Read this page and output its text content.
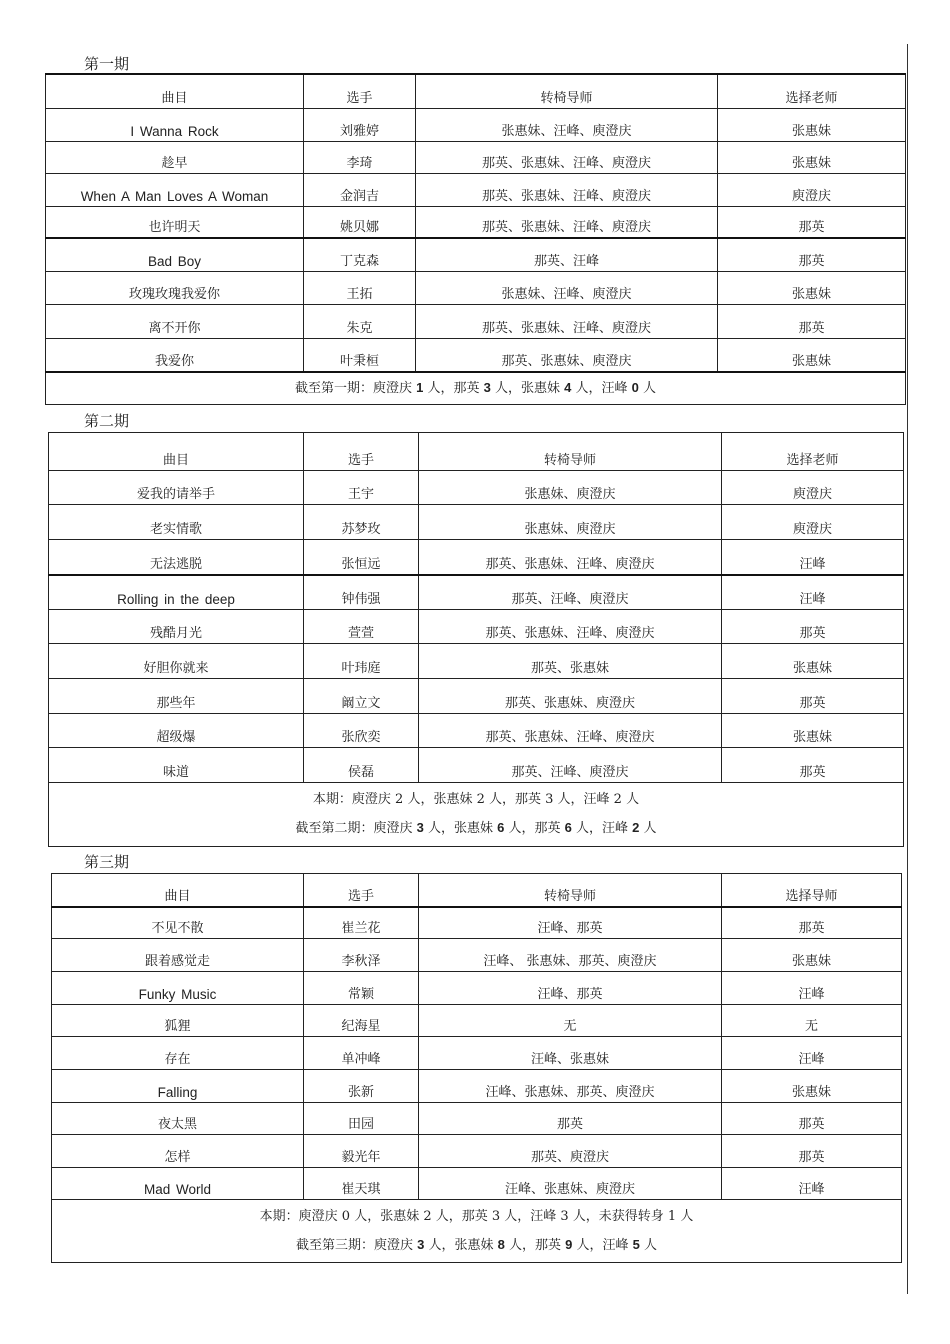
第一期
曲目	选手	转椅导师	选择老师
I Wanna Rock	刘雅婷	张惠妹、汪峰、庾澄庆	张惠妹
趁早	李琦	那英、张惠妹、汪峰、庾澄庆	张惠妹
When A Man Loves A Woman	金润吉	那英、张惠妹、汪峰、庾澄庆	庾澄庆
也许明天	姚贝娜	那英、张惠妹、汪峰、庾澄庆	那英
Bad Boy	丁克森	那英、汪峰	那英
玫瑰玫瑰我爱你	王拓	张惠妹、汪峰、庾澄庆	张惠妹
离不开你	朱克	那英、张惠妹、汪峰、庾澄庆	那英
我爱你	叶秉桓	那英、张惠妹、庾澄庆	张惠妹

截至第一期：庾澄庆 1 人，那英 3 人，张惠妹 4 人，汪峰 0 人			
第二期
曲目	选手	转椅导师	选择老师
爱我的请举手	王宇	张惠妹、庾澄庆	庾澄庆
老实情歌	苏梦玫	张惠妹、庾澄庆	庾澄庆
无法逃脱	张恒远	那英、张惠妹、汪峰、庾澄庆	汪峰
Rolling in the deep	钟伟强	那英、汪峰、庾澄庆	汪峰
残酷月光	萱萱	那英、张惠妹、汪峰、庾澄庆	那英
好胆你就来	叶玮庭	那英、张惠妹	张惠妹
那些年	阚立文	那英、张惠妹、庾澄庆	那英
超级爆	张欣奕	那英、张惠妹、汪峰、庾澄庆	张惠妹
味道	侯磊	那英、汪峰、庾澄庆	那英

本期：庾澄庆 2 人，张惠妹 2 人，那英 3 人，汪峰 2 人
截至第二期：庾澄庆 3 人，张惠妹 6 人，那英 6 人，汪峰 2 人			
第三期
曲目	选手	转椅导师	选择导师
不见不散	崔兰花	汪峰、那英	那英
跟着感觉走	李秋泽	汪峰、 张惠妹、那英、庾澄庆	张惠妹
Funky Music	常颖	汪峰、那英	汪峰
狐狸	纪海星	无	无
存在	单冲峰	汪峰、张惠妹	汪峰
Falling	张新	汪峰、张惠妹、那英、庾澄庆	张惠妹
夜太黑	田园	那英	那英
怎样	毅光年	那英、庾澄庆	那英
Mad World	崔天琪	汪峰、张惠妹、庾澄庆	汪峰

本期：庾澄庆 0 人，张惠妹 2 人，那英 3 人，汪峰 3 人，未获得转身 1 人
截至第三期：庾澄庆 3 人，张惠妹 8 人，那英 9 人，汪峰 5 人			
